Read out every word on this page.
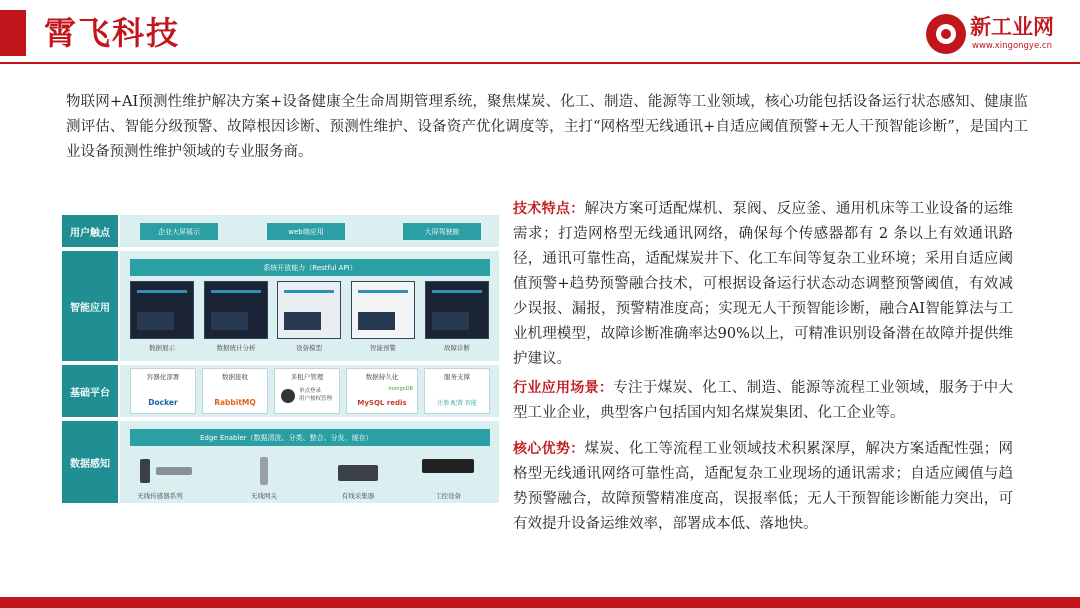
霄飞科技	新工业网
www.xingongye.cn
物联网+AI预测性维护解决方案+设备健康全生命周期管理系统，聚焦煤炭、化工、制造、能源等工业领域，核心功能包括设备运行状态感知、健康监测评估、智能分级预警、故障根因诊断、预测性维护、设备资产优化调度等，主打“网格型无线通讯+自适应阈值预警+无人干预智能诊断”，是国内工业设备预测性维护领域的专业服务商。
用户触点	企业大屏展示	web端应用	大屏驾驶舱
智能应用
系统开放能力（Restful API）
数据展示	数据统计分析	设备模型	智能预警	故障诊断
基础平台
容器化部署
Docker
数据接收
RabbitMQ
多租户管理
单点登录
用户按权管理
数据持久化
MySQL redis
mongoDB
服务支撑
注册 配置 智能
数据感知
Edge Enabler（数据清洗、分类、整合、分发、缓存）
无线传感器系列	无线网关	有线采集器	工控设备
技术特点：解决方案可适配煤机、泵阀、反应釜、通用机床等工业设备的运维需求；打造网格型无线通讯网络，确保每个传感器都有 2 条以上有效通讯路径，通讯可靠性高，适配煤炭井下、化工车间等复杂工业环境；采用自适应阈值预警+趋势预警融合技术，可根据设备运行状态动态调整预警阈值，有效减少误报、漏报，预警精准度高；实现无人干预智能诊断，融合AI智能算法与工业机理模型，故障诊断准确率达90%以上，可精准识别设备潜在故障并提供维护建议。
行业应用场景：专注于煤炭、化工、制造、能源等流程工业领域，服务于中大型工业企业，典型客户包括国内知名煤炭集团、化工企业等。
核心优势：煤炭、化工等流程工业领域技术积累深厚，解决方案适配性强；网格型无线通讯网络可靠性高，适配复杂工业现场的通讯需求；自适应阈值与趋势预警融合，故障预警精准度高，误报率低；无人干预智能诊断能力突出，可有效提升设备运维效率，部署成本低、落地快。
